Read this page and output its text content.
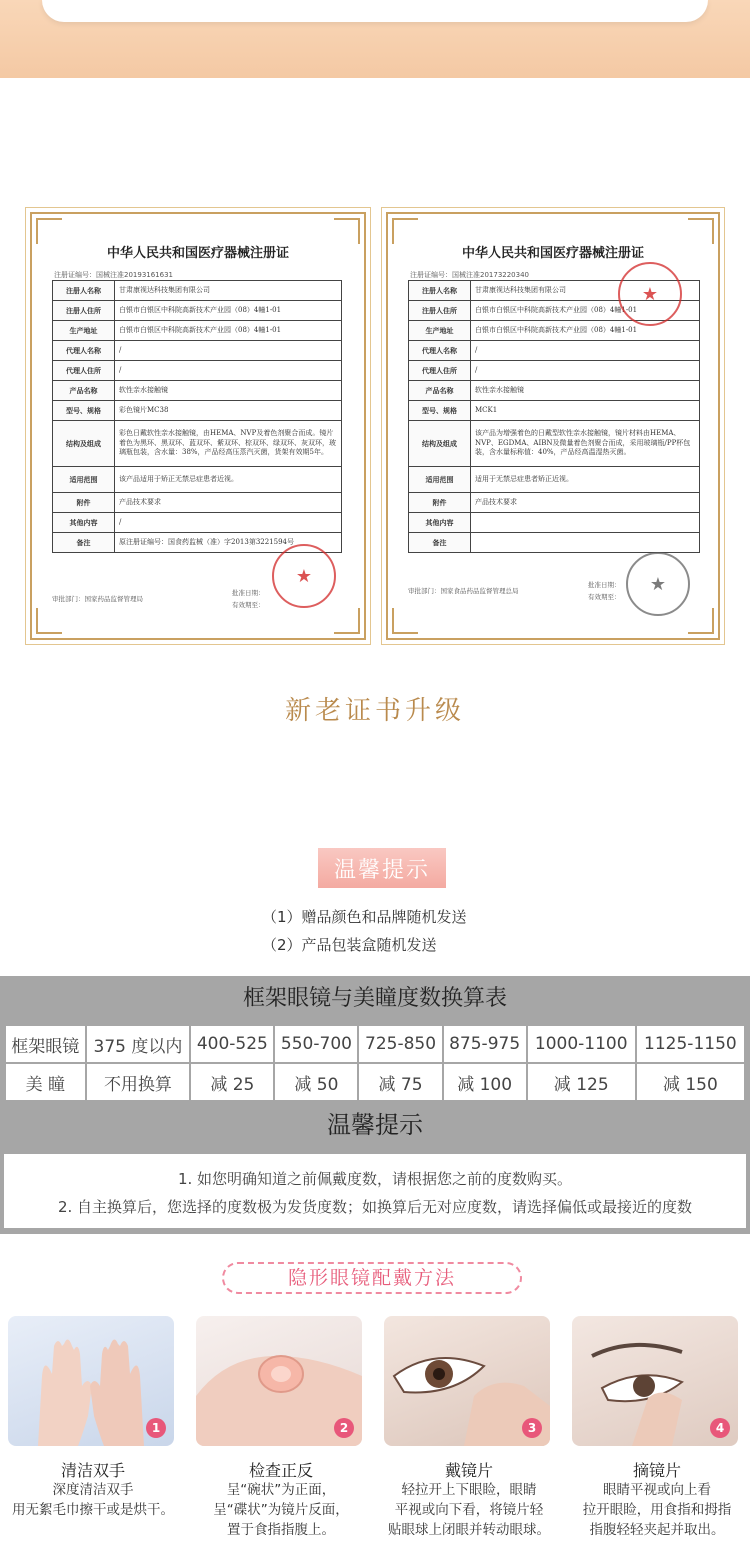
中华人民共和国医疗器械注册证
注册证编号：国械注准20193161631
注册人名称	甘肃康视达科技集团有限公司
注册人住所	白银市白银区中科院高新技术产业园（08）4幢1-01
生产地址	白银市白银区中科院高新技术产业园（08）4幢1-01
代理人名称	/
代理人住所	/
产品名称	软性亲水接触镜
型号、规格	彩色镜片MC38
结构及组成	彩色日戴软性亲水接触镜，由HEMA、NVP及着色剂聚合而成。镜片着色为黑环、黑双环、蓝双环、紫双环、棕双环、绿双环、灰双环，玻璃瓶包装，含水量：38%，产品经高压蒸汽灭菌，货架有效期5年。
适用范围	该产品适用于矫正无禁忌症患者近视。
附件	产品技术要求
其他内容	/
备注	原注册证编号：国食药监械（准）字2013第3221594号
审批部门：国家药品监督管理局
批准日期：
有效期至：
★
中华人民共和国医疗器械注册证
注册证编号：国械注准20173220340
注册人名称	甘肃康视达科技集团有限公司
注册人住所	白银市白银区中科院高新技术产业园（08）4幢1-01
生产地址	白银市白银区中科院高新技术产业园（08）4幢1-01
代理人名称	/
代理人住所	/
产品名称	软性亲水接触镜
型号、规格	MCK1
结构及组成	该产品为增强着色的日戴型软性亲水接触镜，镜片材料由HEMA、NVP、EGDMA、AIBN及微量着色剂聚合而成，采用玻璃瓶/PP杯包装，含水量标称值：40%，产品经高温湿热灭菌。
适用范围	适用于无禁忌症患者矫正近视。
附件	产品技术要求
其他内容	
备注	
审批部门：国家食品药品监督管理总局
批准日期：
有效期至：
★
★
新老证书升级
温馨提示
（1）赠品颜色和品牌随机发送
（2）产品包装盒随机发送
框架眼镜与美瞳度数换算表
框架眼镜	375 度以内	400-525	550-700	725-850	875-975	1000-1100	1125-1150
美 瞳	不用换算	减 25	减 50	减 75	减 100	减 125	减 150
温馨提示
1. 如您明确知道之前佩戴度数，请根据您之前的度数购买。
2. 自主换算后，您选择的度数极为发货度数；如换算后无对应度数，请选择偏低或最接近的度数
隐形眼镜配戴方法
1	2	3	4
清洁双手	检查正反	戴镜片	摘镜片
深度清洁双手
用无絮毛巾擦干或是烘干。
呈“碗状”为正面，
呈“碟状”为镜片反面，
置于食指指腹上。
轻拉开上下眼睑，眼睛
平视或向下看，将镜片轻
贴眼球上闭眼并转动眼球。
眼睛平视或向上看
拉开眼睑，用食指和拇指
指腹轻轻夹起并取出。
